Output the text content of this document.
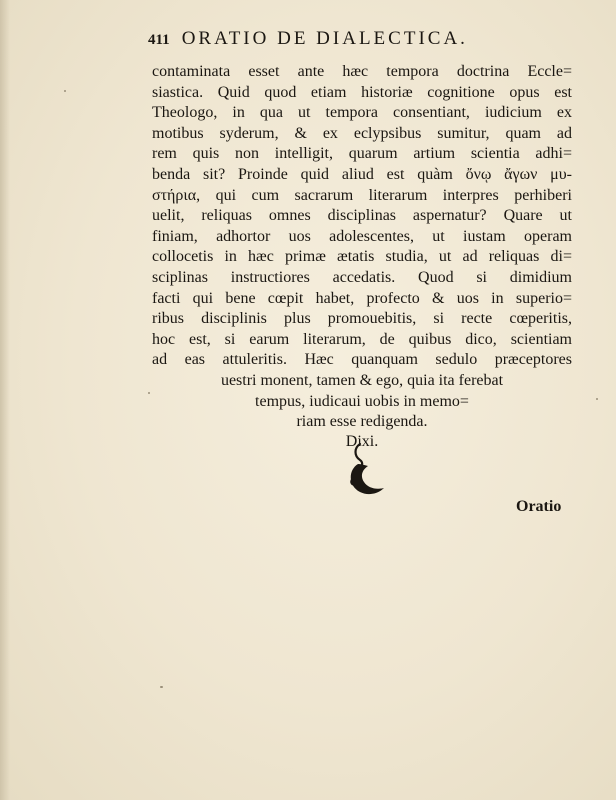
411 ORATIO DE DIALECTICA.
contaminata esset ante hæc tempora doctrina Eccle=
siastica. Quid quod etiam historiæ cognitione opus est
Theologo, in qua ut tempora consentiant, iudicium ex
motibus syderum, & ex eclypsibus sumitur, quam ad
rem quis non intelligit, quarum artium scientia adhi=
benda sit? Proinde quid aliud est quàm ὄνῳ ἄγων μυ-
στήρια, qui cum sacrarum literarum interpres perhiberi
uelit, reliquas omnes disciplinas aspernatur? Quare ut
finiam, adhortor uos adolescentes, ut iustam operam
collocetis in hæc primæ ætatis studia, ut ad reliquas di=
sciplinas instructiores accedatis. Quod si dimidium
facti qui bene cœpit habet, profecto & uos in superio=
ribus disciplinis plus promouebitis, si recte cœperitis,
hoc est, si earum literarum, de quibus dico, scientiam
ad eas attuleritis. Hæc quanquam sedulo præceptores
uestri monent, tamen & ego, quia ita ferebat
tempus, iudicaui uobis in memo=
riam esse redigenda.
Dixi.
Oratio
